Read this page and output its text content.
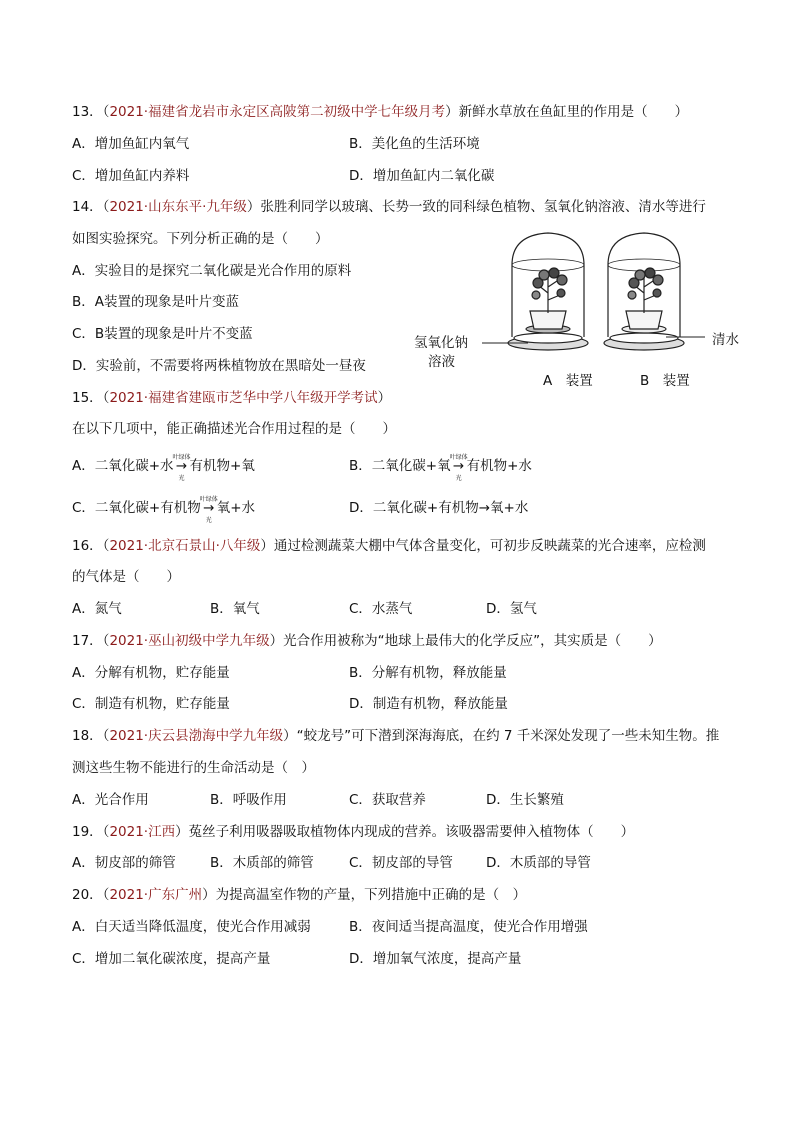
13．（2021·福建省龙岩市永定区高陂第二初级中学七年级月考）新鲜水草放在鱼缸里的作用是（　　）
A．增加鱼缸内氧气	B．美化鱼的生活环境
C．增加鱼缸内养料	D．增加鱼缸内二氧化碳
14．（2021·山东东平·九年级）张胜利同学以玻璃、长势一致的同科绿色植物、氢氧化钠溶液、清水等进行
如图实验探究。下列分析正确的是（　　）
A．实验目的是探究二氧化碳是光合作用的原料
B．A装置的现象是叶片变蓝
C．B装置的现象是叶片不变蓝
D．实验前，不需要将两株植物放在黑暗处一昼夜
氢氧化钠
溶液
清水
A　装置	B　装置
15．（2021·福建省建瓯市芝华中学八年级开学考试）
在以下几项中，能正确描述光合作用过程的是（　　）
A．二氧化碳+水
叶绿体
→
光
有机物+氧	B．二氧化碳+氧
叶绿体
→
光
有机物+水
C．二氧化碳+有机物
叶绿体
→
光
氧+水	D．二氧化碳+有机物→氧+水
16．（2021·北京石景山·八年级）通过检测蔬菜大棚中气体含量变化，可初步反映蔬菜的光合速率，应检测
的气体是（　　）
A．氮气	B．氧气	C．水蒸气	D．氢气
17．（2021·巫山初级中学九年级）光合作用被称为“地球上最伟大的化学反应”，其实质是（　　）
A．分解有机物，贮存能量	B．分解有机物，释放能量
C．制造有机物，贮存能量	D．制造有机物，释放能量
18．（2021·庆云县渤海中学九年级）“蛟龙号”可下潜到深海海底，在约 7 千米深处发现了一些未知生物。推
测这些生物不能进行的生命活动是（　）
A．光合作用	B．呼吸作用	C．获取营养	D．生长繁殖
19．（2021·江西）菟丝子利用吸器吸取植物体内现成的营养。该吸器需要伸入植物体（　　）
A．韧皮部的筛管	B．木质部的筛管	C．韧皮部的导管 D．木质部的导管
20．（2021·广东广州）为提高温室作物的产量，下列措施中正确的是（　）
A．白天适当降低温度，使光合作用减弱	B．夜间适当提高温度，使光合作用增强
C．增加二氧化碳浓度，提高产量	D．增加氧气浓度，提高产量
